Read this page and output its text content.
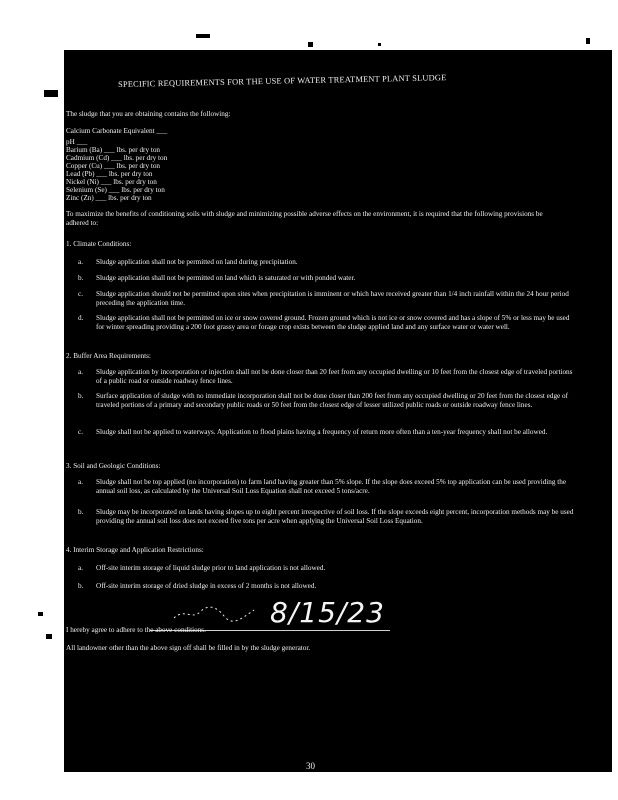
SPECIFIC REQUIREMENTS FOR THE USE OF WATER TREATMENT PLANT SLUDGE
The sludge that you are obtaining contains the following:
Calcium Carbonate Equivalent ___
pH ___
Barium (Ba) ___ lbs. per dry ton
Cadmium (Cd) ___ lbs. per dry ton
Copper (Cu) ___ lbs. per dry ton
Lead (Pb) ___ lbs. per dry ton
Nickel (Ni) ___ lbs. per dry ton
Selenium (Se) ___ lbs. per dry ton
Zinc (Zn) ___ lbs. per dry ton
To maximize the benefits of conditioning soils with sludge and minimizing possible adverse effects on the environment, it is required that the following provisions be adhered to:
1. Climate Conditions:
a. Sludge application shall not be permitted on land during precipitation.
b. Sludge application shall not be permitted on land which is saturated or with ponded water.
c. Sludge application should not be permitted upon sites when precipitation is imminent or which have received greater than 1/4 inch rainfall within the 24 hour period preceding the application time.
d. Sludge application shall not be permitted on ice or snow covered ground. Frozen ground which is not ice or snow covered and has a slope of 5% or less may be used for winter spreading providing a 200 foot grassy area or forage crop exists between the sludge applied land and any surface water or water well.
2. Buffer Area Requirements:
a. Sludge application by incorporation or injection shall not be done closer than 20 feet from any occupied dwelling or 10 feet from the closest edge of traveled portions of a public road or outside roadway fence lines.
b. Surface application of sludge with no immediate incorporation shall not be done closer than 200 feet from any occupied dwelling or 20 feet from the closest edge of traveled portions of a primary and secondary public roads or 50 feet from the closest edge of lesser utilized public roads or outside roadway fence lines.
c. Sludge shall not be applied to waterways. Application to flood plains having a frequency of return more often than a ten-year frequency shall not be allowed.
3. Soil and Geologic Conditions:
a. Sludge shall not be top applied (no incorporation) to farm land having greater than 5% slope. If the slope does exceed 5% top application can be used providing the annual soil loss, as calculated by the Universal Soil Loss Equation shall not exceed 5 tons/acre.
b. Sludge may be incorporated on lands having slopes up to eight percent irrespective of soil loss. If the slope exceeds eight percent, incorporation methods may be used providing the annual soil loss does not exceed five tons per acre when applying the Universal Soil Loss Equation.
4. Interim Storage and Application Restrictions:
a. Off-site interim storage of liquid sludge prior to land application is not allowed.
b. Off-site interim storage of dried sludge in excess of 2 months is not allowed.
8/15/23
I hereby agree to adhere to the above conditions.
All landowner other than the above sign off shall be filled in by the sludge generator.
30
